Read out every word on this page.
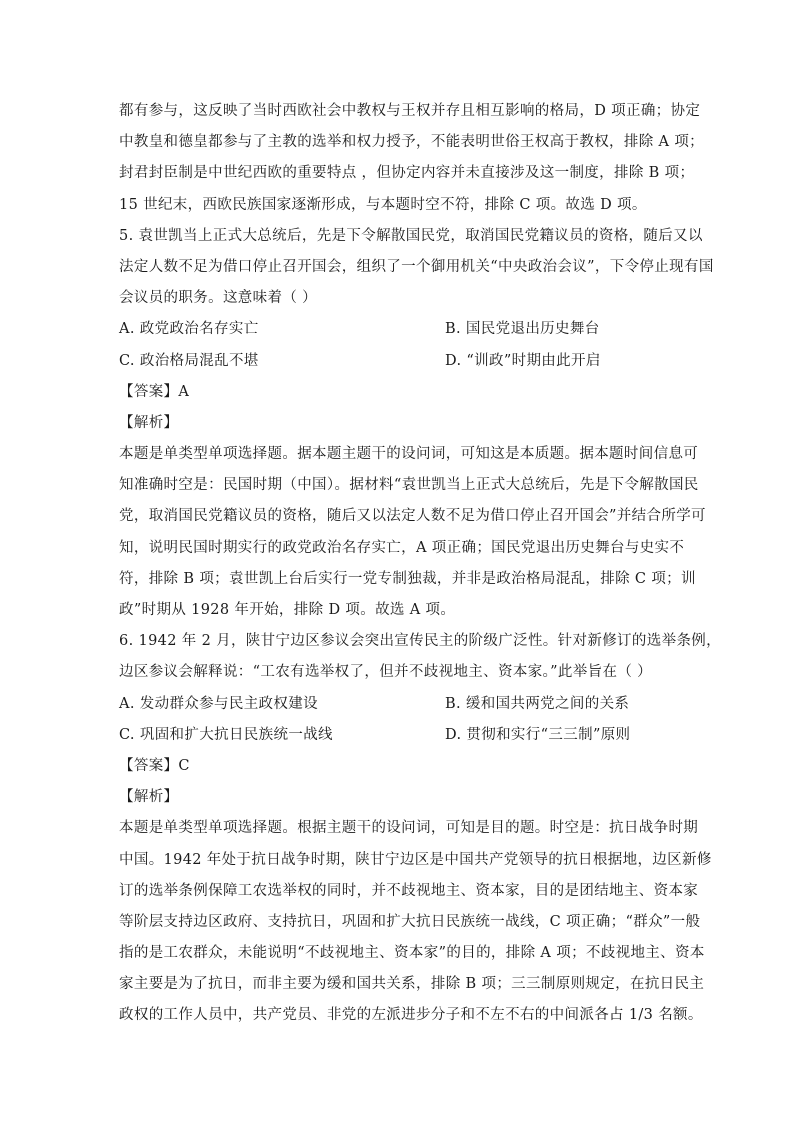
都有参与，这反映了当时西欧社会中教权与王权并存且相互影响的格局，D 项正确；协定
中教皇和德皇都参与了主教的选举和权力授予，不能表明世俗王权高于教权，排除 A 项；
封君封臣制是中世纪西欧的重要特点 ，但协定内容并未直接涉及这一制度，排除 B 项；
15 世纪末，西欧民族国家逐渐形成，与本题时空不符，排除 C 项。故选 D 项。
5. 袁世凯当上正式大总统后，先是下令解散国民党，取消国民党籍议员的资格，随后又以
法定人数不足为借口停止召开国会，组织了一个御用机关“中央政治会议”，下令停止现有国
会议员的职务。这意味着（ ）
A. 政党政治名存实亡	B. 国民党退出历史舞台
C. 政治格局混乱不堪	D. “训政”时期由此开启
【答案】A
【解析】
本题是单类型单项选择题。据本题主题干的设问词，可知这是本质题。据本题时间信息可
知准确时空是：民国时期（中国）。据材料“袁世凯当上正式大总统后，先是下令解散国民
党，取消国民党籍议员的资格，随后又以法定人数不足为借口停止召开国会”并结合所学可
知，说明民国时期实行的政党政治名存实亡，A 项正确；国民党退出历史舞台与史实不
符，排除 B 项；袁世凯上台后实行一党专制独裁，并非是政治格局混乱，排除 C 项；训
政”时期从 1928 年开始，排除 D 项。故选 A 项。
6. 1942 年 2 月，陕甘宁边区参议会突出宣传民主的阶级广泛性。针对新修订的选举条例，
边区参议会解释说：“工农有选举权了，但并不歧视地主、资本家。”此举旨在（ ）
A. 发动群众参与民主政权建设	B. 缓和国共两党之间的关系
C. 巩固和扩大抗日民族统一战线	D. 贯彻和实行“三三制”原则
【答案】C
【解析】
本题是单类型单项选择题。根据主题干的设问词，可知是目的题。时空是：抗日战争时期
中国。1942 年处于抗日战争时期，陕甘宁边区是中国共产党领导的抗日根据地，边区新修
订的选举条例保障工农选举权的同时，并不歧视地主、资本家，目的是团结地主、资本家
等阶层支持边区政府、支持抗日，巩固和扩大抗日民族统一战线，C 项正确；“群众”一般
指的是工农群众，未能说明“不歧视地主、资本家”的目的，排除 A 项；不歧视地主、资本
家主要是为了抗日，而非主要为缓和国共关系，排除 B 项；三三制原则规定，在抗日民主
政权的工作人员中，共产党员、非党的左派进步分子和不左不右的中间派各占 1/3 名额。
